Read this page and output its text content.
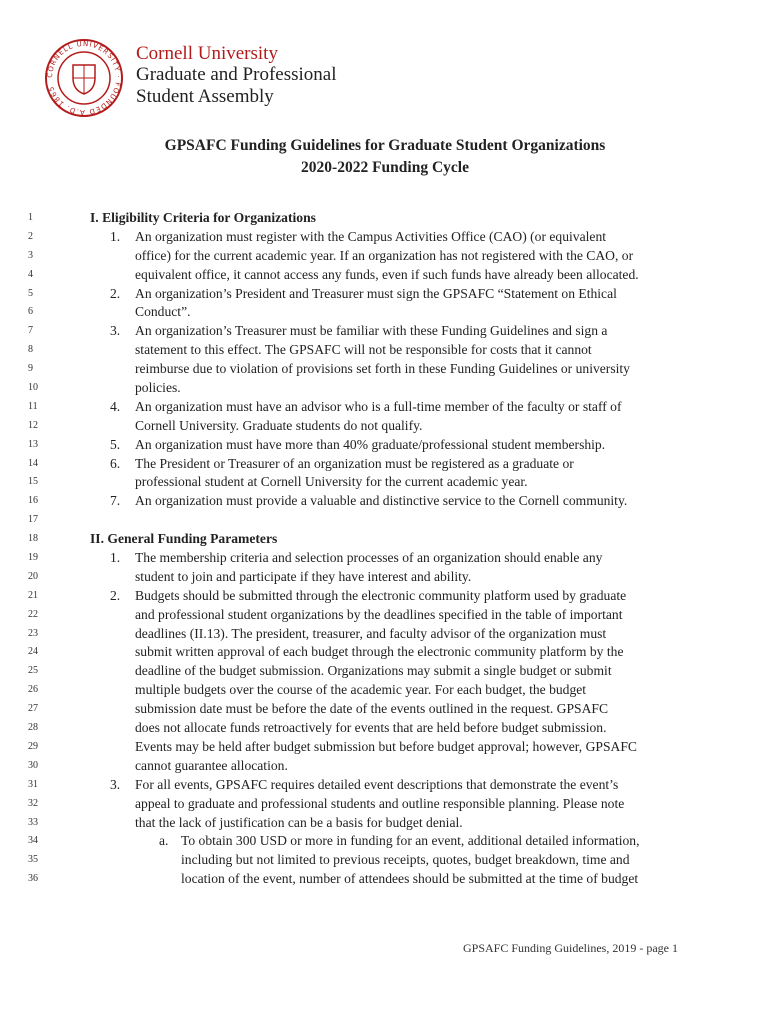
CORNELL UNIVERSITY · FOUNDED A.D. 1865
Cornell University
Graduate and Professional
Student Assembly
GPSAFC Funding Guidelines for Graduate Student Organizations
2020-2022 Funding Cycle
1	I. Eligibility Criteria for Organizations
2	1. An organization must register with the Campus Activities Office (CAO) (or equivalent
3	office) for the current academic year. If an organization has not registered with the CAO, or
4	equivalent office, it cannot access any funds, even if such funds have already been allocated.
5	2. An organization’s President and Treasurer must sign the GPSAFC “Statement on Ethical
6	Conduct”.
7	3. An organization’s Treasurer must be familiar with these Funding Guidelines and sign a
8	statement to this effect. The GPSAFC will not be responsible for costs that it cannot
9	reimburse due to violation of provisions set forth in these Funding Guidelines or university
10	policies.
11	4. An organization must have an advisor who is a full-time member of the faculty or staff of
12	Cornell University. Graduate students do not qualify.
13	5. An organization must have more than 40% graduate/professional student membership.
14	6. The President or Treasurer of an organization must be registered as a graduate or
15	professional student at Cornell University for the current academic year.
16	7. An organization must provide a valuable and distinctive service to the Cornell community.
17
18	II. General Funding Parameters
19	1. The membership criteria and selection processes of an organization should enable any
20	student to join and participate if they have interest and ability.
21	2. Budgets should be submitted through the electronic community platform used by graduate
22	and professional student organizations by the deadlines specified in the table of important
23	deadlines (II.13). The president, treasurer, and faculty advisor of the organization must
24	submit written approval of each budget through the electronic community platform by the
25	deadline of the budget submission. Organizations may submit a single budget or submit
26	multiple budgets over the course of the academic year. For each budget, the budget
27	submission date must be before the date of the events outlined in the request. GPSAFC
28	does not allocate funds retroactively for events that are held before budget submission.
29	Events may be held after budget submission but before budget approval; however, GPSAFC
30	cannot guarantee allocation.
31	3. For all events, GPSAFC requires detailed event descriptions that demonstrate the event’s
32	appeal to graduate and professional students and outline responsible planning. Please note
33	that the lack of justification can be a basis for budget denial.
34	a. To obtain 300 USD or more in funding for an event, additional detailed information,
35	including but not limited to previous receipts, quotes, budget breakdown, time and
36	location of the event, number of attendees should be submitted at the time of budget
GPSAFC Funding Guidelines, 2019 - page 1
